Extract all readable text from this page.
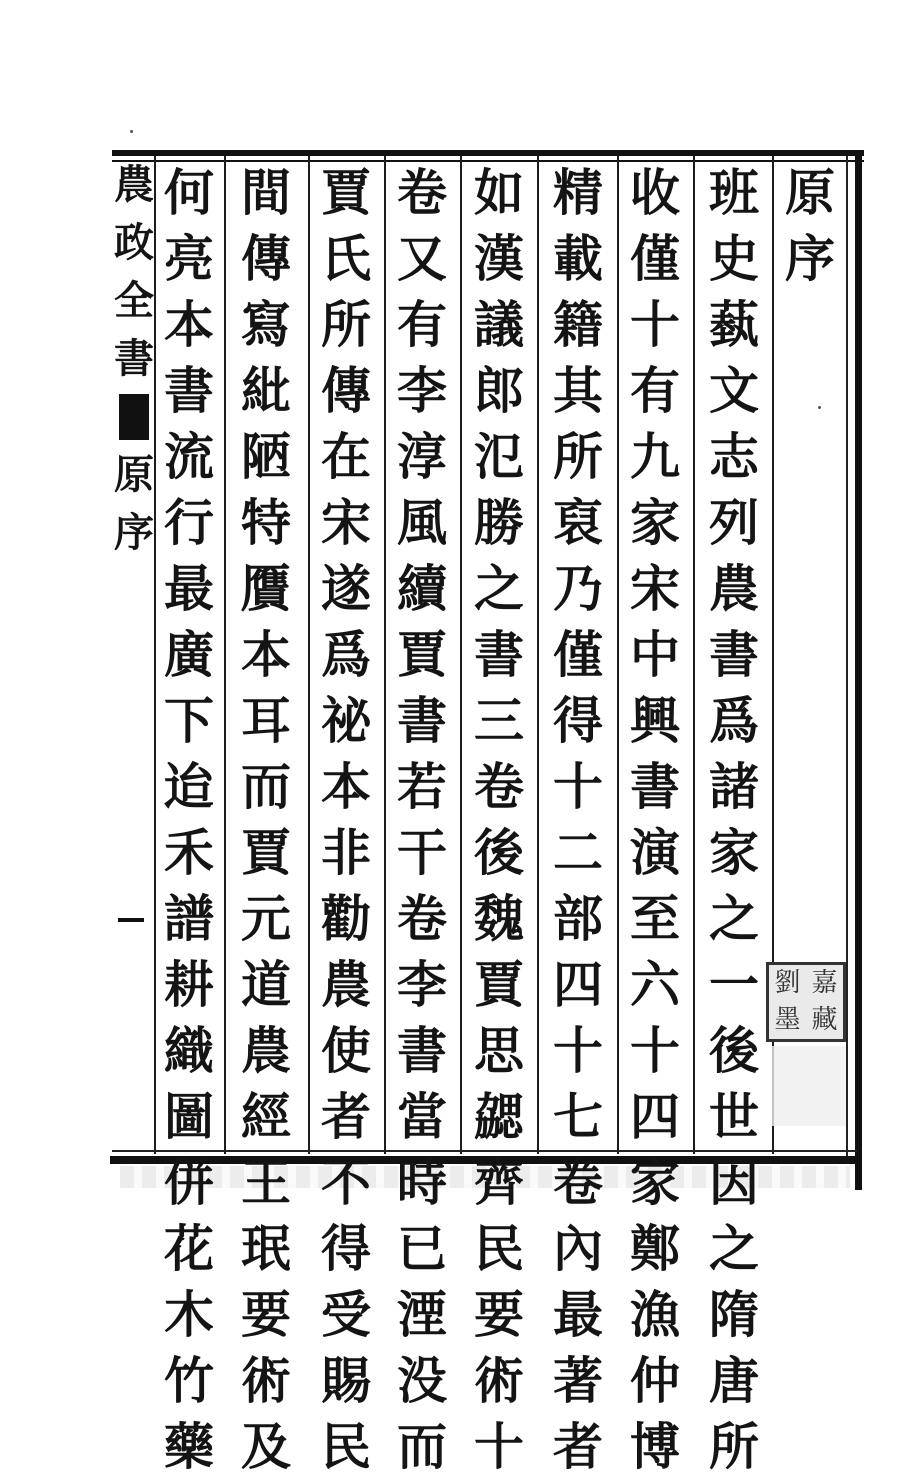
農政全書
原序
原
序
班
史
蓺
文
志
列
農
書
爲
諸
家
之
一
後
世
因
之
隋
唐
所
收
僅
十
有
九
家
宋
中
興
書
演
至
六
十
四
家
鄭
漁
仲
博
精
載
籍
其
所
裒
乃
僅
得
十
二
部
四
十
七
卷
內
最
著
者
如
漢
議
郎
氾
勝
之
書
三
卷
後
魏
賈
思
勰
齊
民
要
術
十
卷
又
有
李
淳
風
續
賈
書
若
干
卷
李
書
當
時
已
湮
没
而
賈
氏
所
傳
在
宋
遂
爲
祕
本
非
勸
農
使
者
不
得
受
賜
民
間
傳
寫
紕
陋
特
贋
本
耳
而
賈
元
道
農
經
王
珉
要
術
及
何
亮
本
書
流
行
最
廣
下
迨
禾
譜
耕
織
圖
併
花
木
竹
藥
劉 嘉
墨 藏
